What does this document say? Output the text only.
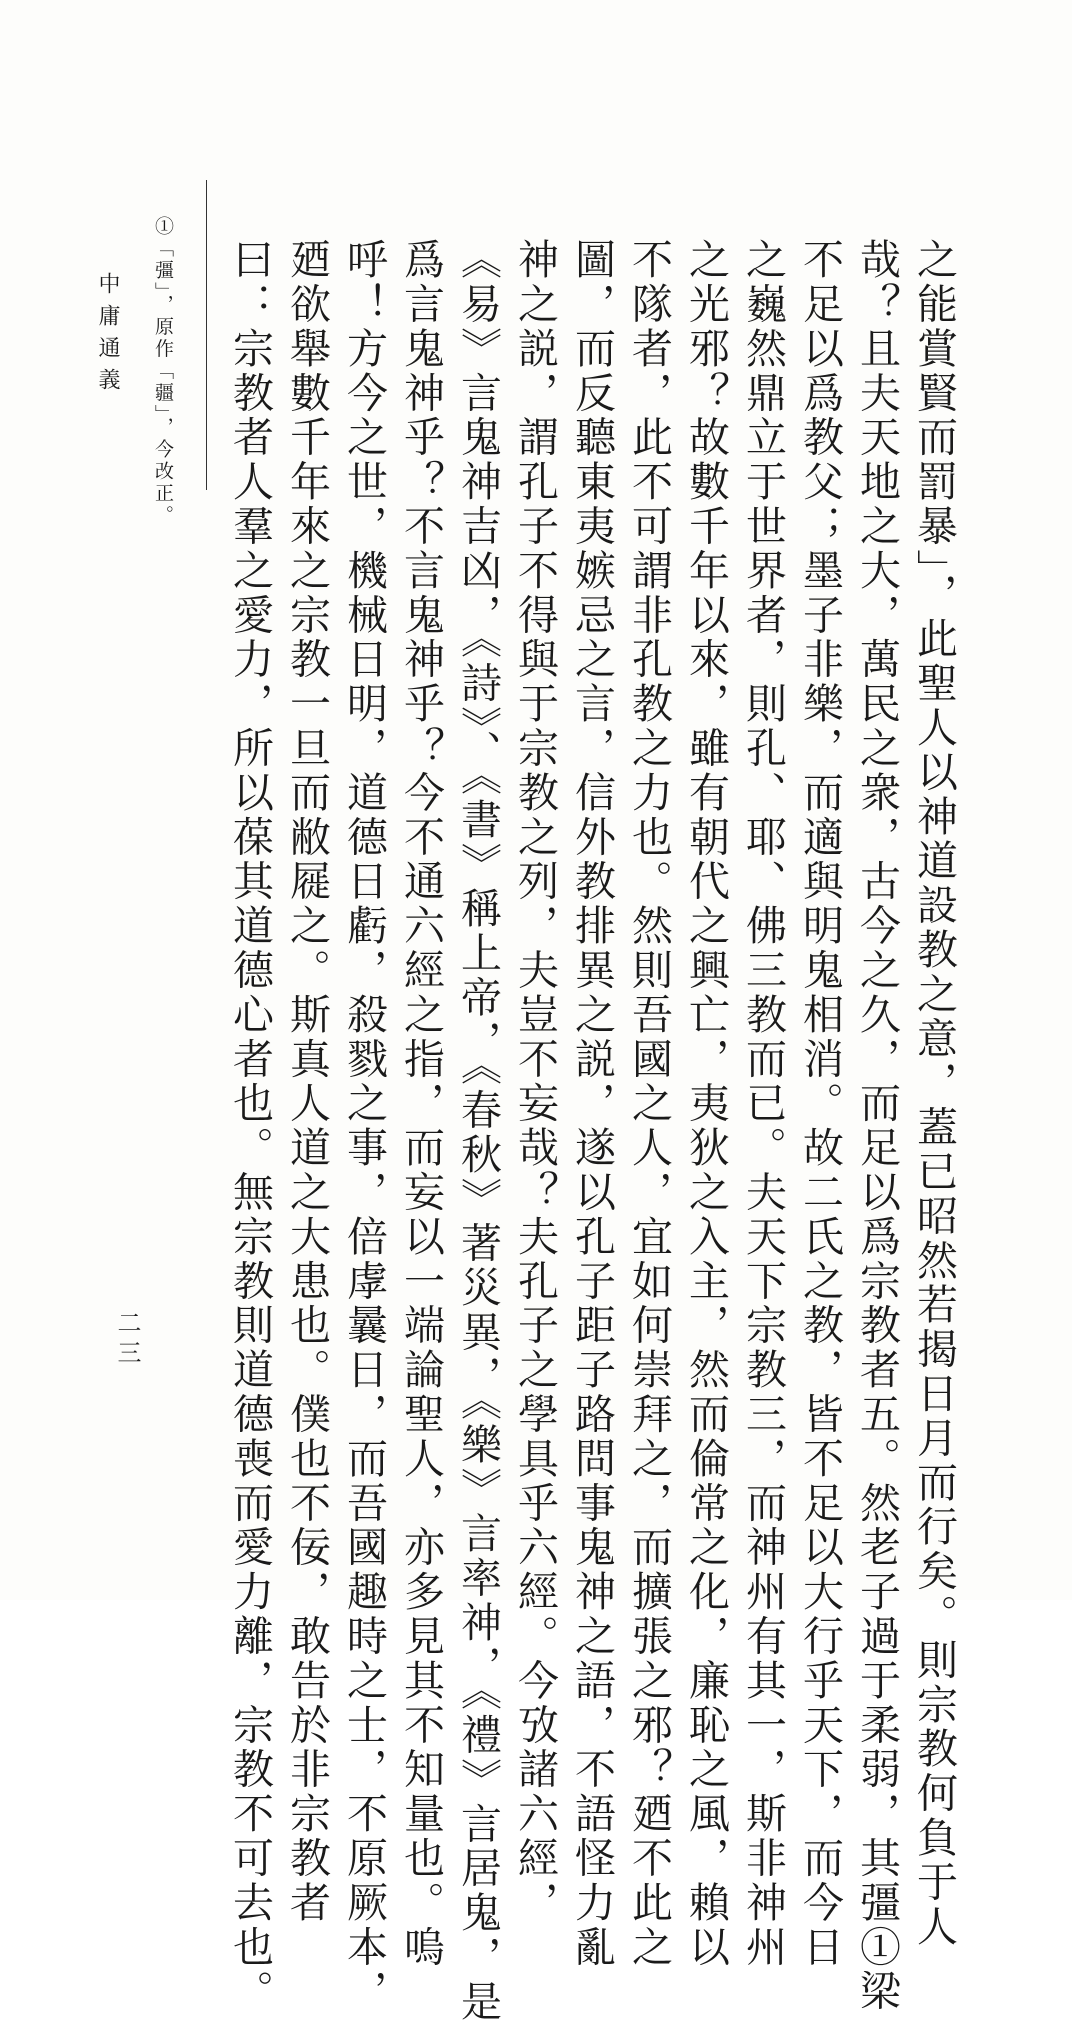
之能賞賢而罰暴」，此聖人以神道設教之意，蓋已昭然若揭日月而行矣。則宗教何負于人
哉？且夫天地之大，萬民之衆，古今之久，而足以爲宗教者五。然老子過于柔弱，其彊①梁
不足以爲教父；墨子非樂，而適與明鬼相消。故二氏之教，皆不足以大行乎天下，而今日
之巍然鼎立于世界者，則孔、耶、佛三教而已。夫天下宗教三，而神州有其一，斯非神州
之光邪？故數千年以來，雖有朝代之興亡，夷狄之入主，然而倫常之化，廉恥之風，賴以
不隊者，此不可謂非孔教之力也。然則吾國之人，宜如何崇拜之，而擴張之邪？廼不此之
圖，而反聽東夷嫉忌之言，信外教排異之説，遂以孔子距子路問事鬼神之語，不語怪力亂
神之説，謂孔子不得與于宗教之列，夫豈不妄哉？夫孔子之學具乎六經。今攷諸六經，
《易》言鬼神吉凶，《詩》、《書》稱上帝，《春秋》著災異，《樂》言率神，《禮》言居鬼，是
爲言鬼神乎？不言鬼神乎？今不通六經之指，而妄以一端論聖人，亦多見其不知量也。嗚
呼！方今之世，機械日明，道德日虧，殺戮之事，倍虖曩日，而吾國趣時之士，不原厥本，
廼欲舉數千年來之宗教一旦而敝屣之。斯真人道之大患也。僕也不佞，敢告於非宗教者
曰：宗教者人羣之愛力，所以葆其道德心者也。無宗教則道德喪而愛力離，宗教不可去也。
①「彊」，原作「疆」，今改正。
中庸通義
二三
